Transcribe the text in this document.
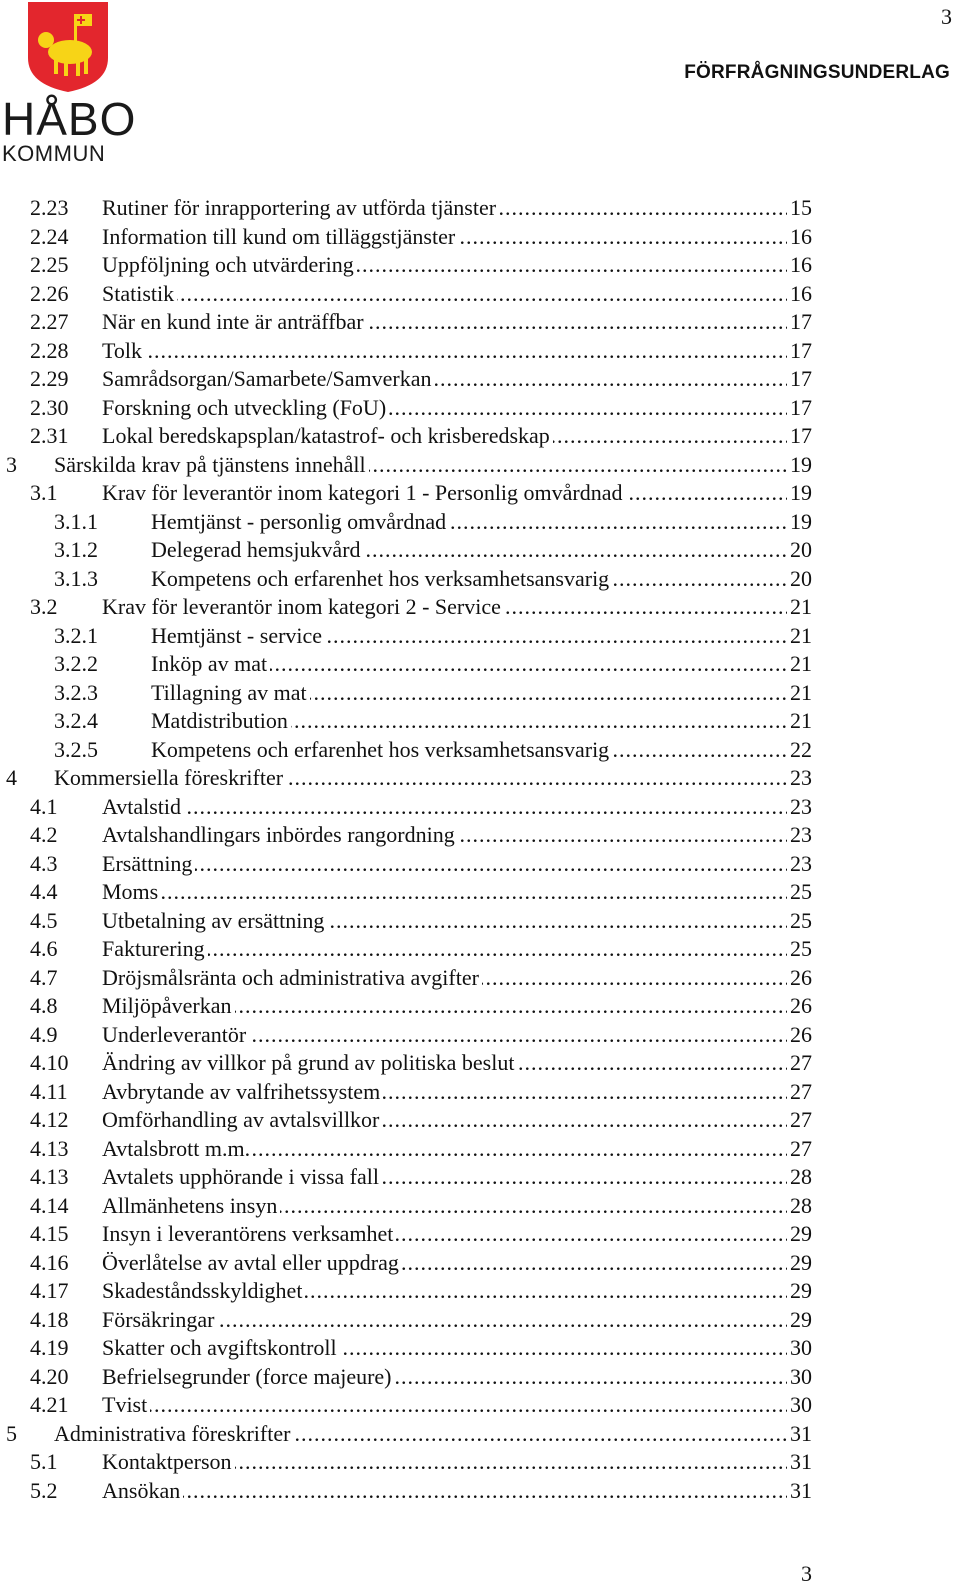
3
FÖRFRÅGNINGSUNDERLAG
HÅBO
KOMMUN
2.23 Rutiner för inrapportering av utförda tjänster .....	15
2.24 Information till kund om tilläggstjänster .....	16
2.25 Uppföljning och utvärdering .....	16
2.26 Statistik .....	16
2.27 När en kund inte är anträffbar .....	17
2.28 Tolk .....	17
2.29 Samrådsorgan/Samarbete/Samverkan .....	17
2.30 Forskning och utveckling (FoU) .....	17
2.31 Lokal beredskapsplan/katastrof- och krisberedskap .....	17
3 Särskilda krav på tjänstens innehåll .....	19
3.1 Krav för leverantör inom kategori 1 - Personlig omvårdnad .....	19
3.1.1 Hemtjänst - personlig omvårdnad .....	19
3.1.2 Delegerad hemsjukvård .....	20
3.1.3 Kompetens och erfarenhet hos verksamhetsansvarig .....	20
3.2 Krav för leverantör inom kategori 2 - Service .....	21
3.2.1 Hemtjänst - service .....	21
3.2.2 Inköp av mat .....	21
3.2.3 Tillagning av mat .....	21
3.2.4 Matdistribution .....	21
3.2.5 Kompetens och erfarenhet hos verksamhetsansvarig .....	22
4 Kommersiella föreskrifter .....	23
4.1 Avtalstid .....	23
4.2 Avtalshandlingars inbördes rangordning .....	23
4.3 Ersättning .....	23
4.4 Moms .....	25
4.5 Utbetalning av ersättning .....	25
4.6 Fakturering .....	25
4.7 Dröjsmålsränta och administrativa avgifter .....	26
4.8 Miljöpåverkan .....	26
4.9 Underleverantör .....	26
4.10 Ändring av villkor på grund av politiska beslut .....	27
4.11 Avbrytande av valfrihetssystem .....	27
4.12 Omförhandling av avtalsvillkor .....	27
4.13 Avtalsbrott m.m. .....	27
4.13 Avtalets upphörande i vissa fall .....	28
4.14 Allmänhetens insyn .....	28
4.15 Insyn i leverantörens verksamhet .....	29
4.16 Överlåtelse av avtal eller uppdrag .....	29
4.17 Skadeståndsskyldighet .....	29
4.18 Försäkringar .....	29
4.19 Skatter och avgiftskontroll .....	30
4.20 Befrielsegrunder (force majeure) .....	30
4.21 Tvist .....	30
5 Administrativa föreskrifter .....	31
5.1 Kontaktperson .....	31
5.2 Ansökan .....	31
3
